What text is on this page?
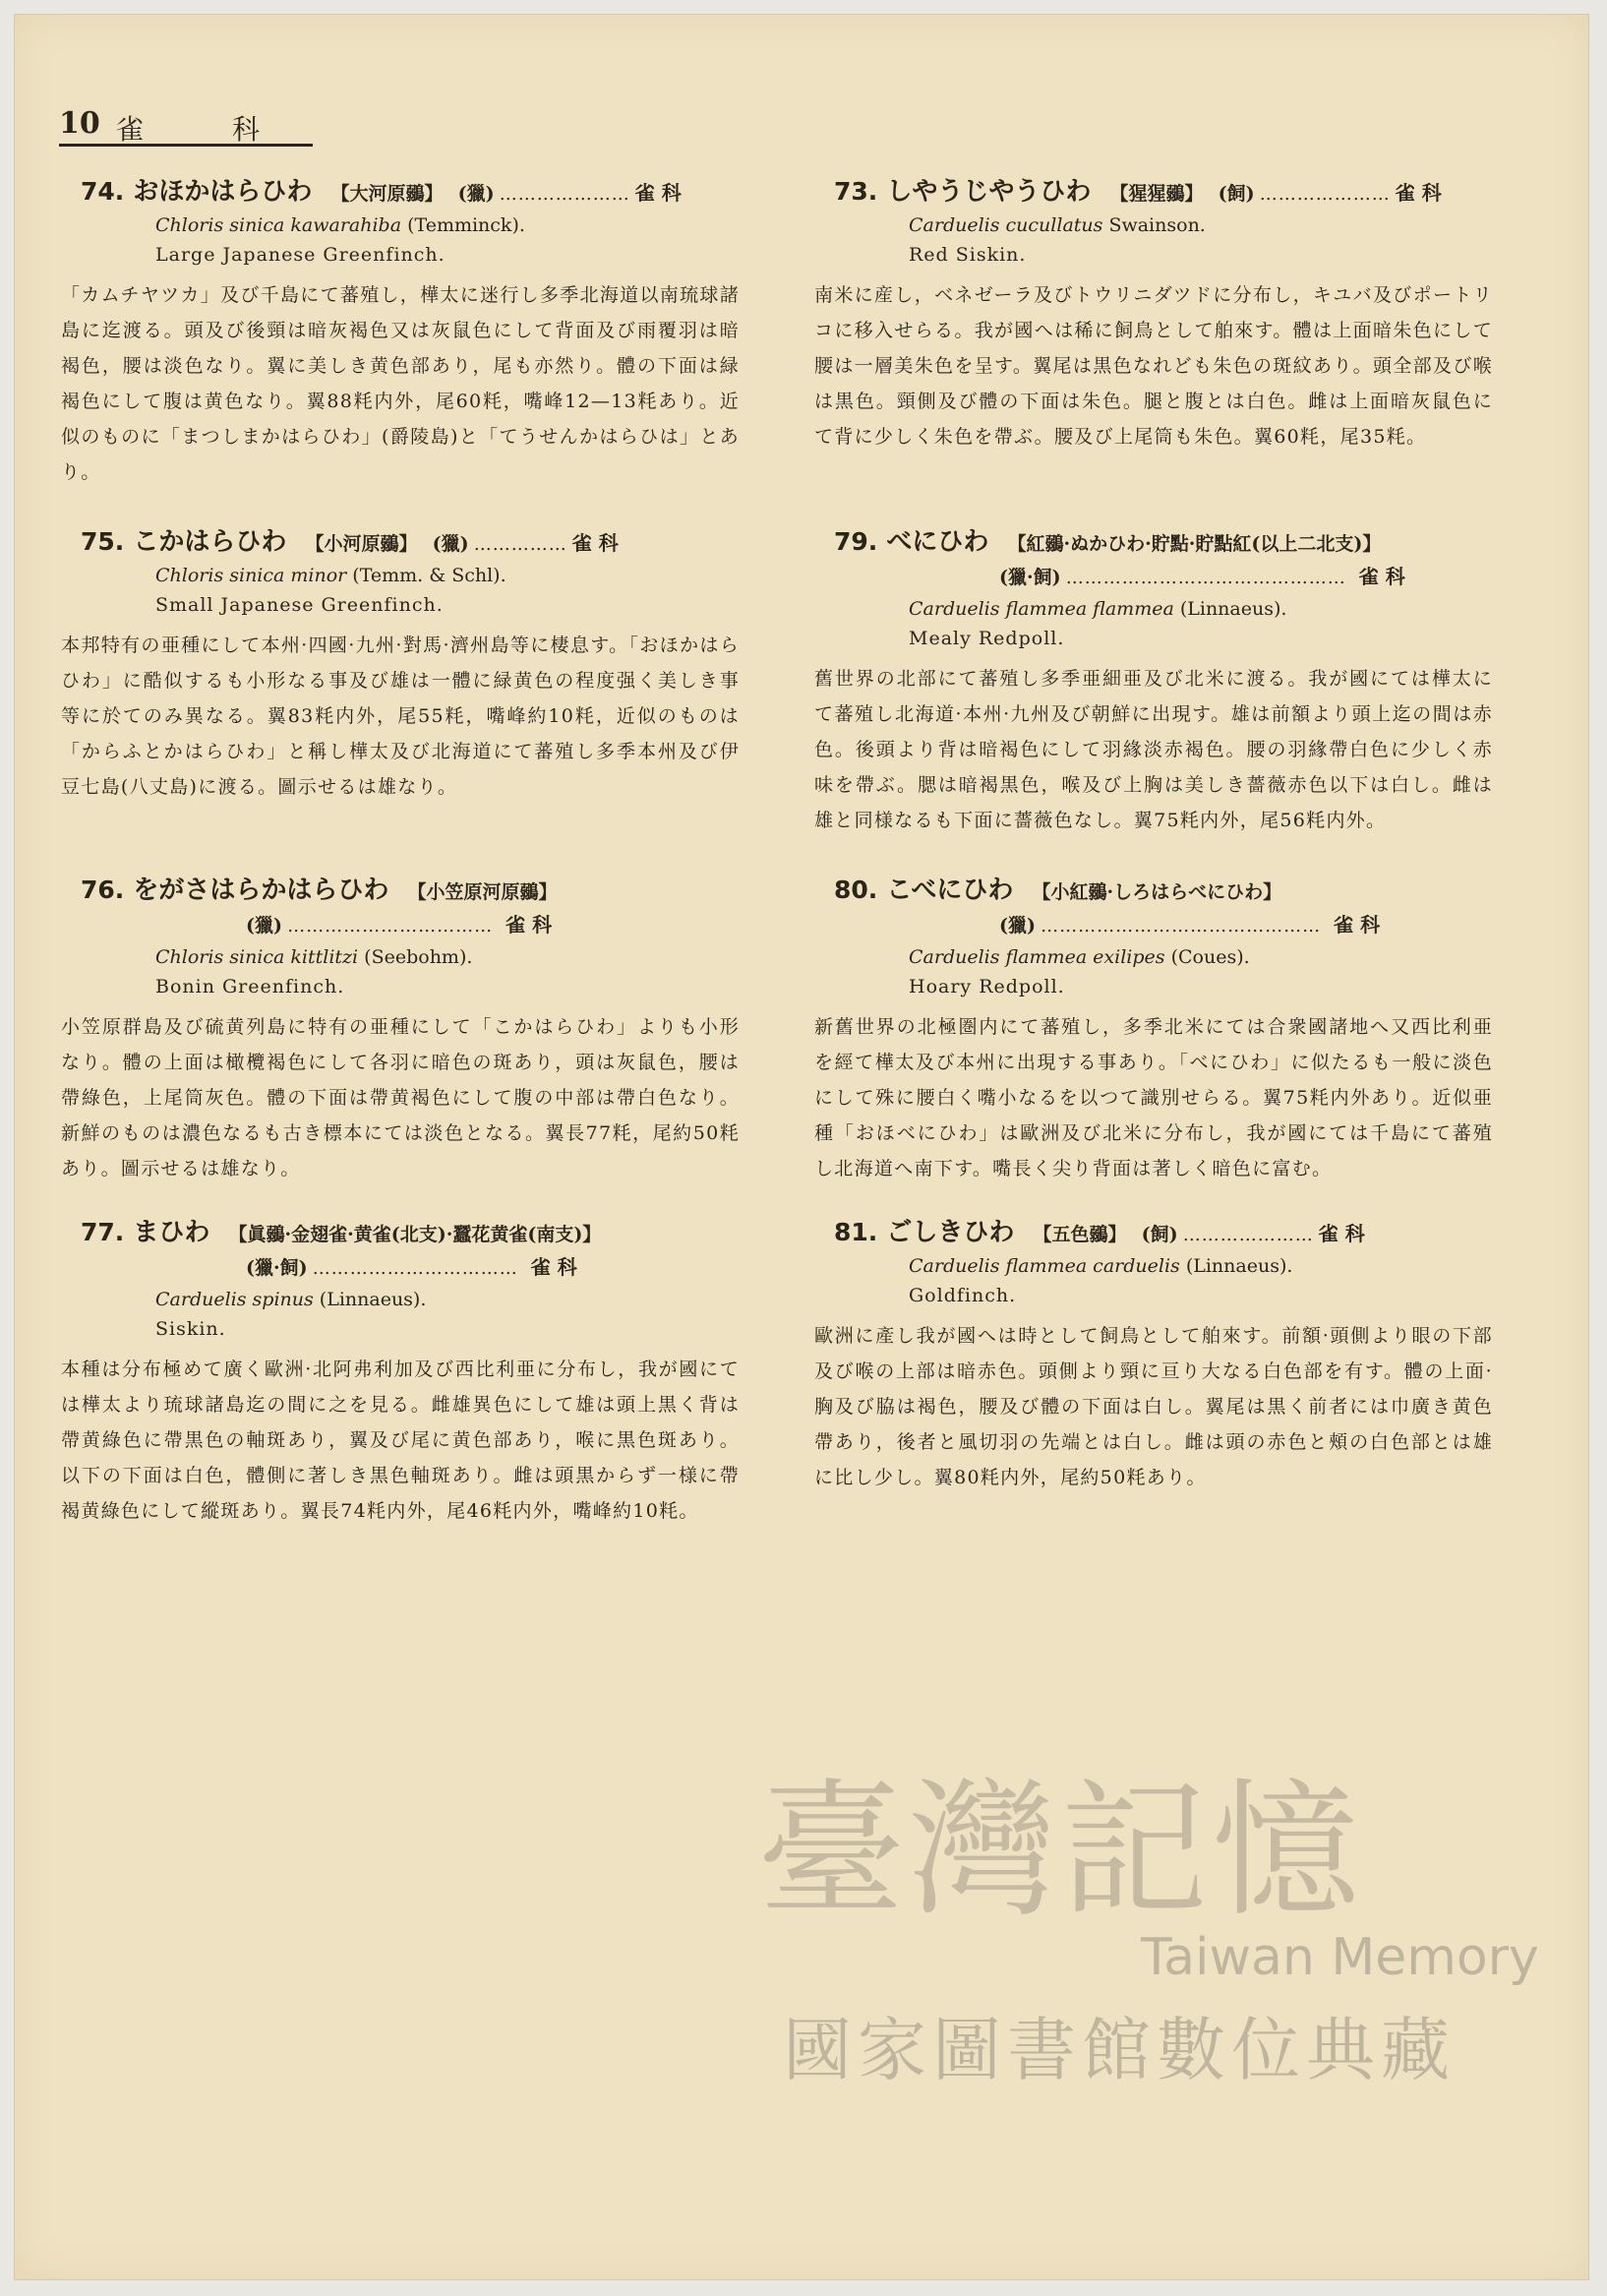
10 雀科
74. おほかはらひわ 【大河原鶸】 (獵) ………………… 雀 科
Chloris sinica kawarahiba (Temminck).
Large Japanese Greenfinch.
「カムチヤツカ」及び千島にて蕃殖し，樺太に迷行し多季北海道以南琉球諸島に迄渡る。頭及び後頸は暗灰褐色又は灰鼠色にして背面及び雨覆羽は暗褐色，腰は淡色なり。翼に美しき黄色部あり，尾も亦然り。體の下面は緑褐色にして腹は黄色なり。翼88粍内外，尾60粍，嘴峰12—13粍あり。近似のものに「まつしまかはらひわ」(爵陵島)と「てうせんかはらひは」とあり。
75. こかはらひわ 【小河原鶸】 (獵) …………… 雀 科
Chloris sinica minor (Temm. & Schl).
Small Japanese Greenfinch.
本邦特有の亜種にして本州·四國·九州·對馬·濟州島等に棲息す。「おほかはらひわ」に酷似するも小形なる事及び雄は一體に緑黄色の程度强く美しき事等に於てのみ異なる。翼83粍内外，尾55粍，嘴峰約10粍，近似のものは「からふとかはらひわ」と稱し樺太及び北海道にて蕃殖し多季本州及び伊豆七島(八丈島)に渡る。圖示せるは雄なり。
76. をがさはらかはらひわ 【小笠原河原鶸】
(獵) …………………………… 雀 科
Chloris sinica kittlitzi (Seebohm).
Bonin Greenfinch.
小笠原群島及び硫黄列島に特有の亜種にして「こかはらひわ」よりも小形なり。體の上面は橄欖褐色にして各羽に暗色の斑あり，頭は灰鼠色，腰は帶綠色，上尾筒灰色。體の下面は帶黄褐色にして腹の中部は帶白色なり。新鮮のものは濃色なるも古き標本にては淡色となる。翼長77粍，尾約50粍あり。圖示せるは雄なり。
77. まひわ 【眞鶸·金翅雀·黄雀(北支)·蠶花黄雀(南支)】
(獵·飼) …………………………… 雀 科
Carduelis spinus (Linnaeus).
Siskin.
本種は分布極めて廣く歐洲·北阿弗利加及び西比利亜に分布し，我が國にては樺太より琉球諸島迄の間に之を見る。雌雄異色にして雄は頭上黒く背は帶黄綠色に帶黒色の軸斑あり，翼及び尾に黄色部あり，喉に黒色斑あり。以下の下面は白色，體側に著しき黒色軸斑あり。雌は頭黒からず一様に帶褐黄綠色にして縱斑あり。翼長74粍内外，尾46粍内外，嘴峰約10粍。
73. しやうじやうひわ 【猩猩鶸】 (飼) ………………… 雀 科
Carduelis cucullatus Swainson.
Red Siskin.
南米に産し，ベネゼーラ及びトウリニダツドに分布し，キユバ及びポートリコに移入せらる。我が國へは稀に飼鳥として舶來す。體は上面暗朱色にして腰は一層美朱色を呈す。翼尾は黒色なれども朱色の斑紋あり。頭全部及び喉は黒色。頸側及び體の下面は朱色。腿と腹とは白色。雌は上面暗灰鼠色にて背に少しく朱色を帶ぶ。腰及び上尾筒も朱色。翼60粍，尾35粍。
79. べにひわ 【紅鶸·ぬかひわ·貯點·貯點紅(以上二北支)】
(獵·飼) ……………………………………… 雀 科
Carduelis flammea flammea (Linnaeus).
Mealy Redpoll.
舊世界の北部にて蕃殖し多季亜細亜及び北米に渡る。我が國にては樺太にて蕃殖し北海道·本州·九州及び朝鮮に出現す。雄は前額より頭上迄の間は赤色。後頭より背は暗褐色にして羽緣淡赤褐色。腰の羽緣帶白色に少しく赤味を帶ぶ。腮は暗褐黒色，喉及び上胸は美しき薔薇赤色以下は白し。雌は雄と同様なるも下面に薔薇色なし。翼75粍内外，尾56粍内外。
80. こべにひわ 【小紅鶸·しろはらべにひわ】
(獵) ……………………………………… 雀 科
Carduelis flammea exilipes (Coues).
Hoary Redpoll.
新舊世界の北極圏内にて蕃殖し，多季北米にては合衆國諸地へ又西比利亜を經て樺太及び本州に出現する事あり。「べにひわ」に似たるも一般に淡色にして殊に腰白く嘴小なるを以つて識別せらる。翼75粍内外あり。近似亜種「おほべにひわ」は歐洲及び北米に分布し，我が國にては千島にて蕃殖し北海道へ南下す。嘴長く尖り背面は著しく暗色に富む。
81. ごしきひわ 【五色鶸】 (飼) ………………… 雀 科
Carduelis flammea carduelis (Linnaeus).
Goldfinch.
歐洲に產し我が國へは時として飼鳥として舶來す。前額·頭側より眼の下部及び喉の上部は暗赤色。頭側より頸に亘り大なる白色部を有す。體の上面·胸及び脇は褐色，腰及び體の下面は白し。翼尾は黒く前者には巾廣き黄色帶あり，後者と風切羽の先端とは白し。雌は頭の赤色と頰の白色部とは雄に比し少し。翼80粍内外，尾約50粍あり。
臺灣記憶
Taiwan Memory
國家圖書館數位典藏
